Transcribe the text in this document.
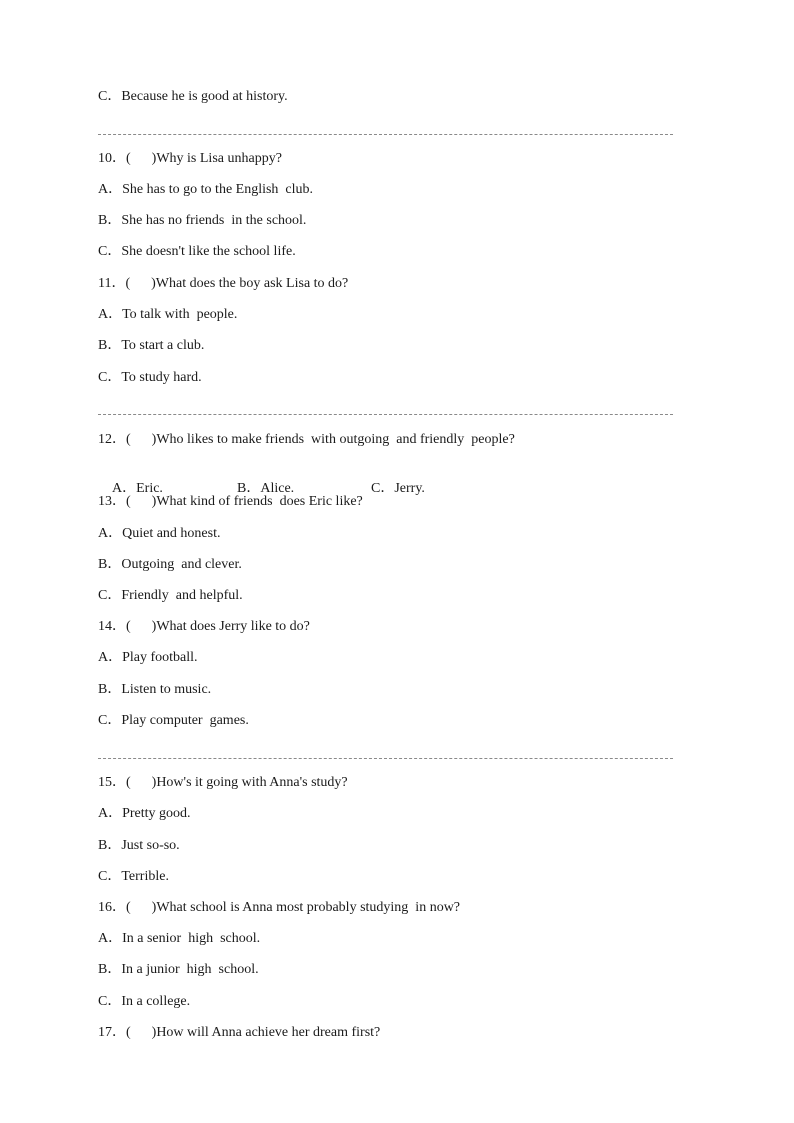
C．Because he is good at history.
10．(      )Why is Lisa unhappy?
A．She has to go to the English  club.
B．She has no friends  in the school.
C．She doesn't like the school life.
11．(      )What does the boy ask Lisa to do?
A．To talk with  people.
B．To start a club.
C．To study hard.
12．(      )Who likes to make friends  with outgoing  and friendly  people?

A．Eric.	B．Alice.	C．Jerry.

13．(      )What kind of friends  does Eric like?
A．Quiet and honest.
B．Outgoing  and clever.
C．Friendly  and helpful.
14．(      )What does Jerry like to do?
A．Play football.
B．Listen to music.
C．Play computer  games.
15．(      )How's it going with Anna's study?
A．Pretty good.
B．Just so-so.
C．Terrible.
16．(      )What school is Anna most probably studying  in now?
A．In a senior  high  school.
B．In a junior  high  school.
C．In a college.
17．(      )How will Anna achieve her dream first?
